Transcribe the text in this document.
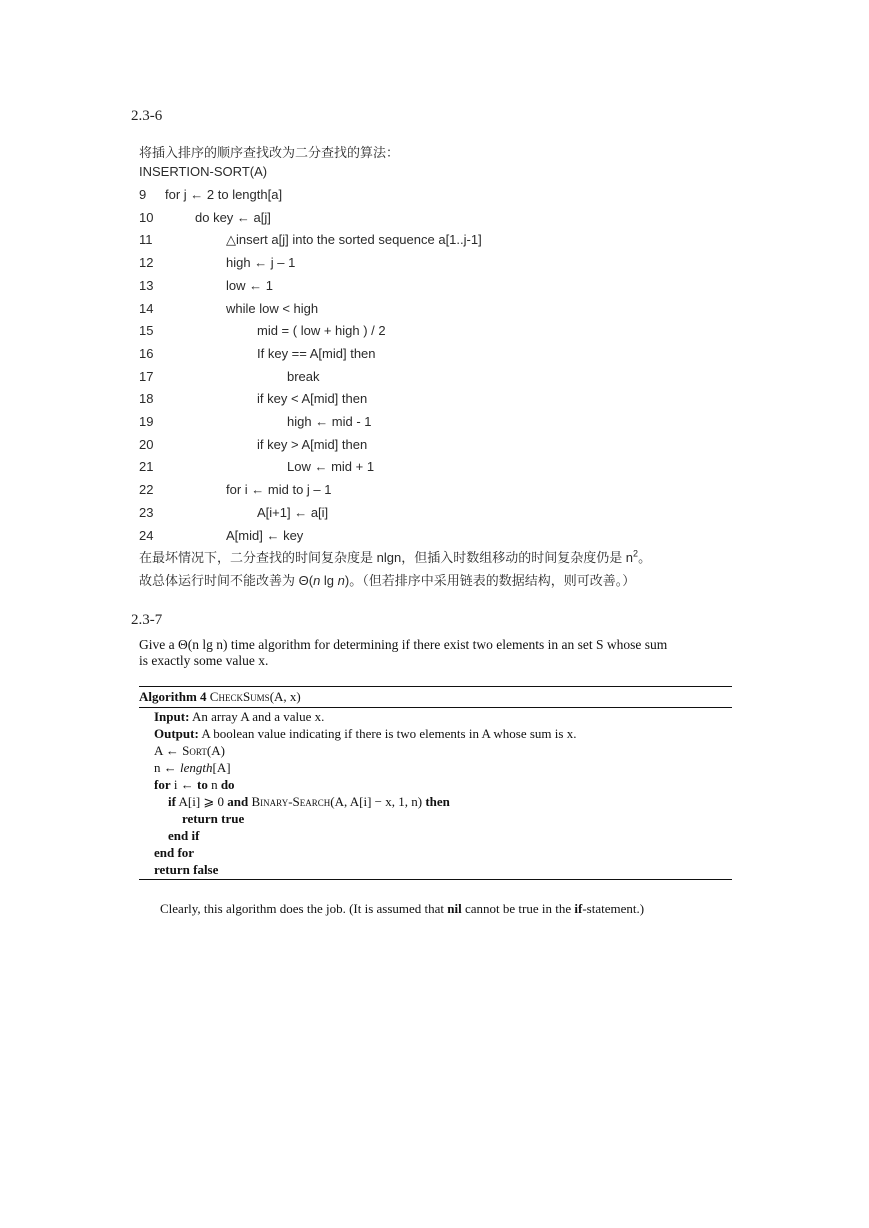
2.3-6
将插入排序的顺序查找改为二分查找的算法：
INSERTION-SORT(A)
9 for j ← 2 to length[a]
10	do key ← a[j]
11	△insert a[j] into the sorted sequence a[1..j-1]
12	high ← j – 1
13	low ← 1
14	while low < high
15	mid = ( low + high ) / 2
16	If key == A[mid] then
17	break
18	if key < A[mid] then
19	high ← mid - 1
20	if key > A[mid] then
21	Low ← mid + 1
22	for i ← mid to j – 1
23	A[i+1] ← a[i]
24	A[mid] ← key
在最坏情况下，二分查找的时间复杂度是 nlgn，但插入时数组移动的时间复杂度仍是 $n^2$。
故总体运行时间不能改善为 Θ(n lg n)。（但若排序中采用链表的数据结构，则可改善。）
2.3-7
Give a Θ(n lg n) time algorithm for determining if there exist two elements in an set S whose sum
is exactly some value x.
Algorithm 4 CheckSums(A, x)
Input: An array A and a value x.
Output: A boolean value indicating if there is two elements in A whose sum is x.
A ← Sort(A)
n ← length[A]
for i ← to n do
if A[i] ⩾ 0 and Binary-Search(A, A[i] − x, 1, n) then
return true
end if
end for
return false
Clearly, this algorithm does the job. (It is assumed that nil cannot be true in the if-statement.)
